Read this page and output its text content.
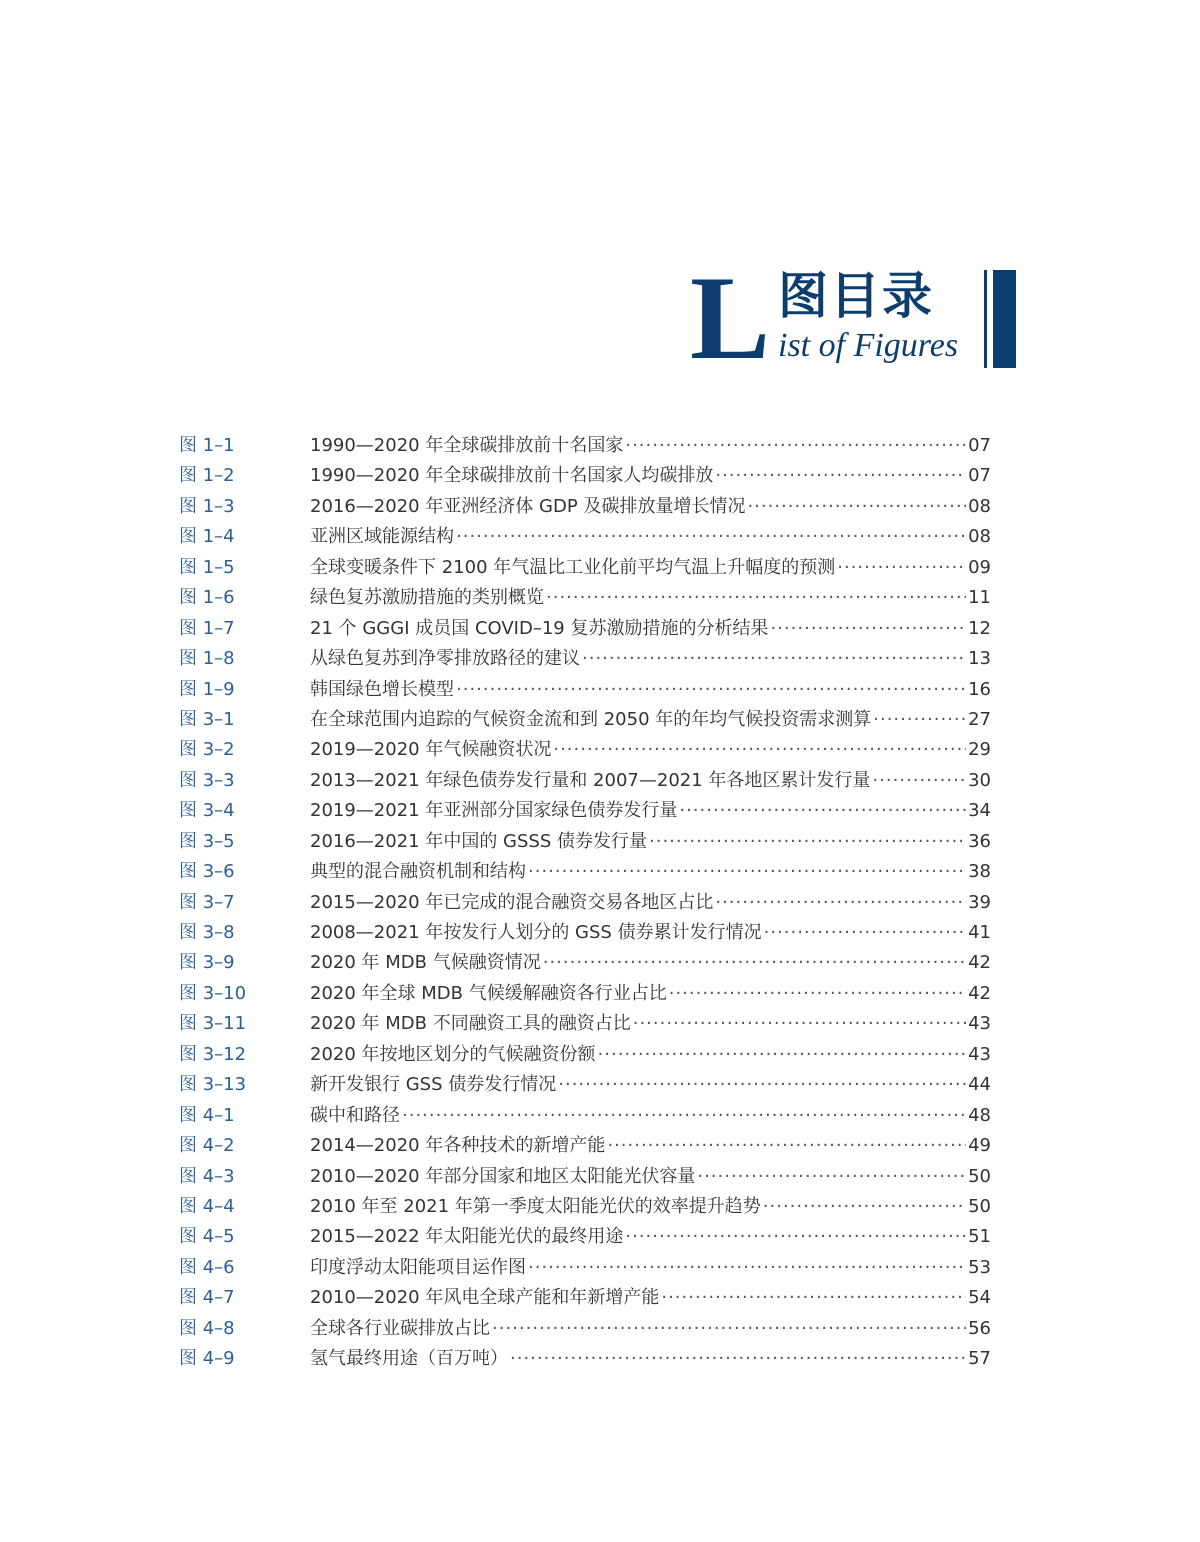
L 图目录
ist of Figures
图 1–1	1990—2020 年全球碳排放前十名国家 ·····	07
图 1–2	1990—2020 年全球碳排放前十名国家人均碳排放 ·····	07
图 1–3	2016—2020 年亚洲经济体 GDP 及碳排放量增长情况 ·····	08
图 1–4	亚洲区域能源结构 ·····	08
图 1–5	全球变暖条件下 2100 年气温比工业化前平均气温上升幅度的预测 ·····	09
图 1–6	绿色复苏激励措施的类别概览 ·····	11
图 1–7	21 个 GGGI 成员国 COVID–19 复苏激励措施的分析结果 ·····	12
图 1–8	从绿色复苏到净零排放路径的建议 ·····	13
图 1–9	韩国绿色增长模型 ·····	16
图 3–1	在全球范围内追踪的气候资金流和到 2050 年的年均气候投资需求测算 ·····	27
图 3–2	2019—2020 年气候融资状况 ·····	29
图 3–3	2013—2021 年绿色债券发行量和 2007—2021 年各地区累计发行量 ·····	30
图 3–4	2019—2021 年亚洲部分国家绿色债券发行量 ·····	34
图 3–5	2016—2021 年中国的 GSSS 债券发行量 ·····	36
图 3–6	典型的混合融资机制和结构 ·····	38
图 3–7	2015—2020 年已完成的混合融资交易各地区占比 ·····	39
图 3–8	2008—2021 年按发行人划分的 GSS 债券累计发行情况 ·····	41
图 3–9	2020 年 MDB 气候融资情况 ·····	42
图 3–10	2020 年全球 MDB 气候缓解融资各行业占比 ·····	42
图 3–11	2020 年 MDB 不同融资工具的融资占比 ·····	43
图 3–12	2020 年按地区划分的气候融资份额 ·····	43
图 3–13	新开发银行 GSS 债券发行情况 ·····	44
图 4–1	碳中和路径 ·····	48
图 4–2	2014—2020 年各种技术的新增产能 ·····	49
图 4–3	2010—2020 年部分国家和地区太阳能光伏容量 ·····	50
图 4–4	2010 年至 2021 年第一季度太阳能光伏的效率提升趋势 ·····	50
图 4–5	2015—2022 年太阳能光伏的最终用途 ·····	51
图 4–6	印度浮动太阳能项目运作图 ·····	53
图 4–7	2010—2020 年风电全球产能和年新增产能 ·····	54
图 4–8	全球各行业碳排放占比 ·····	56
图 4–9	氢气最终用途（百万吨） ·····	57
